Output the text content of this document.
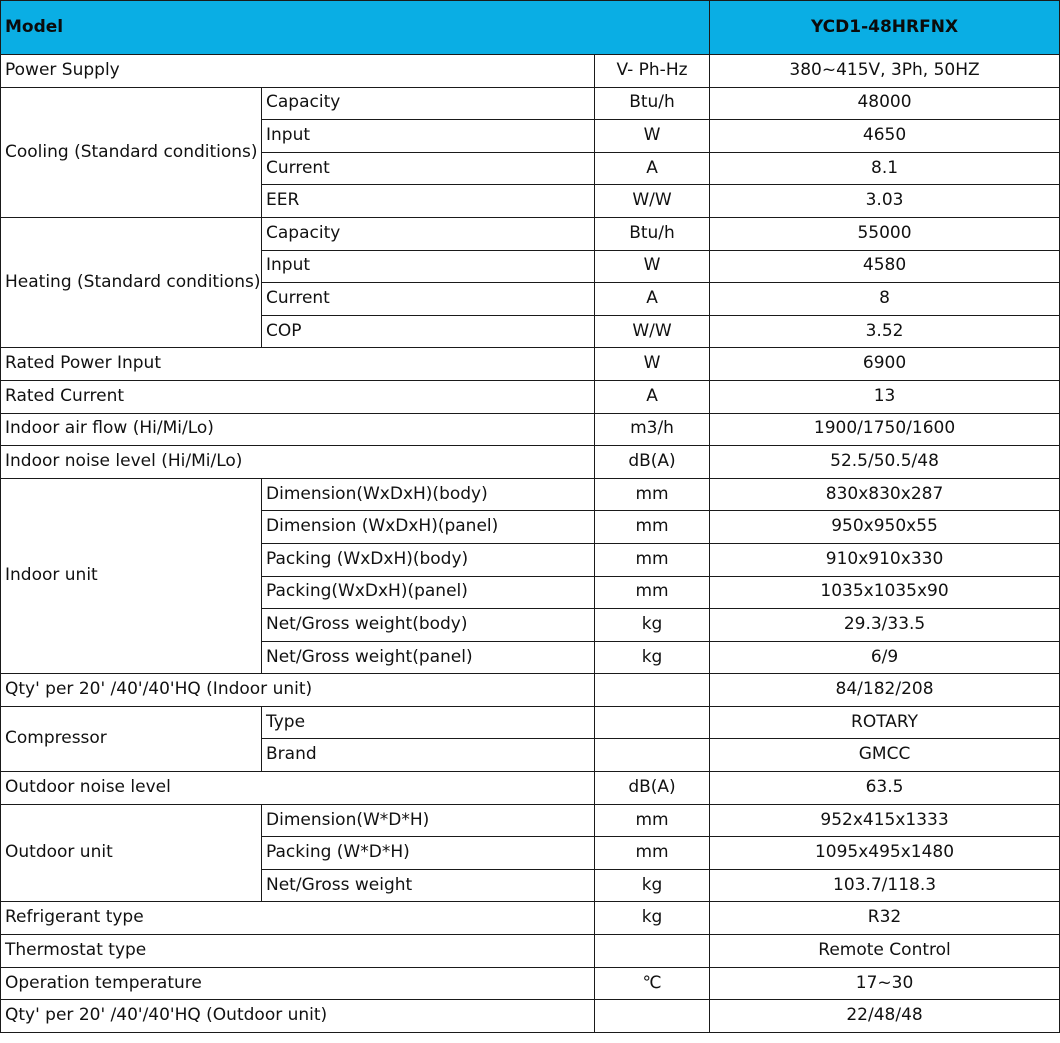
Model			YCD1-48HRFNX
Power Supply		V- Ph-Hz	380~415V, 3Ph, 50HZ
Cooling (Standard conditions)	Capacity	Btu/h	48000
	Input	W	4650
	Current	A	8.1
	EER	W/W	3.03
Heating (Standard conditions)	Capacity	Btu/h	55000
	Input	W	4580
	Current	A	8
	COP	W/W	3.52
Rated Power Input		W	6900
Rated Current		A	13
Indoor air flow (Hi/Mi/Lo)		m3/h	1900/1750/1600
Indoor noise level (Hi/Mi/Lo)		dB(A)	52.5/50.5/48
Indoor unit	Dimension(WxDxH)(body)	mm	830x830x287
	Dimension (WxDxH)(panel)	mm	950x950x55
	Packing (WxDxH)(body)	mm	910x910x330
	Packing(WxDxH)(panel)	mm	1035x1035x90
	Net/Gross weight(body)	kg	29.3/33.5
	Net/Gross weight(panel)	kg	6/9
Qty' per 20' /40'/40'HQ (Indoor unit)			84/182/208
Compressor	Type		ROTARY
	Brand		GMCC
Outdoor noise level		dB(A)	63.5
Outdoor unit	Dimension(W*D*H)	mm	952x415x1333
	Packing (W*D*H)	mm	1095x495x1480
	Net/Gross weight	kg	103.7/118.3
Refrigerant type		kg	R32
Thermostat type			Remote Control
Operation temperature		℃	17~30
Qty' per 20' /40'/40'HQ (Outdoor unit)			22/48/48
